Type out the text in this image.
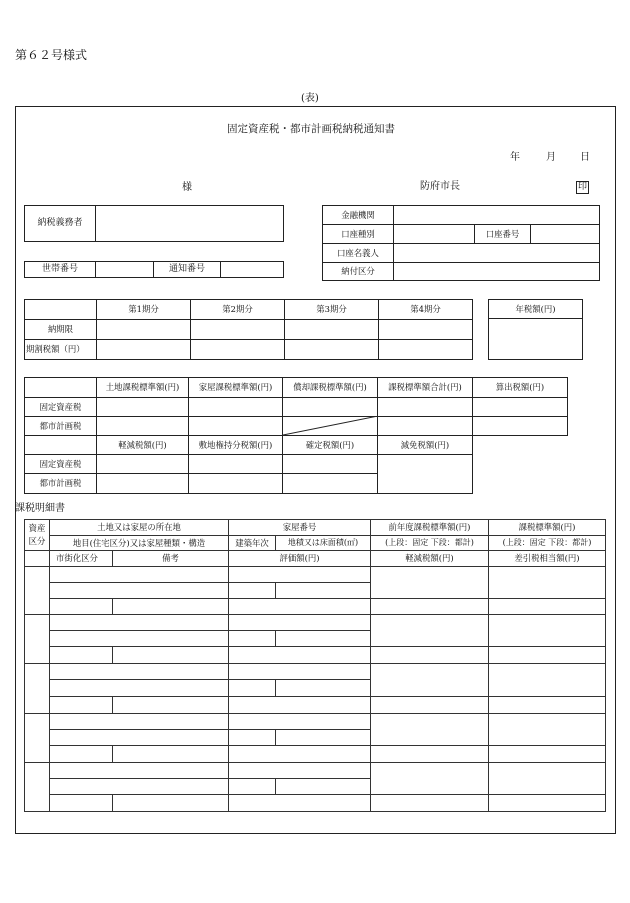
第６２号様式
(表)
固定資産税・都市計画税納税通知書
年	月 日
様	防府市長	印
納税義務者	
世帯番号		通知番号	
金融機関			
口座種別		口座番号	
口座名義人			
納付区分			
	第1期分	第2期分	第3期分	第4期分
納期限				
期割税額（円）				
年税額(円)

	土地課税標準額(円)	家屋課税標準額(円)	償却課税標準額(円)	課税標準額合計(円)	算出税額(円)
固定資産税					
都市計画税					
	軽減税額(円)	敷地権持分税額(円)	確定税額(円)	減免税額(円)	
固定資産税					
都市計画税					
課税明細書
資産区分	土地又は家屋の所在地		家屋番号		前年度課税標準額(円)	課税標準額(円)
	地目(住宅区分)又は家屋種類・構造		建築年次	地積又は床面積(㎡)	(上段：固定 下段：都計)	(上段：固定 下段：都計)
	市街化区分	備考	評価額(円)		軽減税額(円)	差引税相当額(円)
